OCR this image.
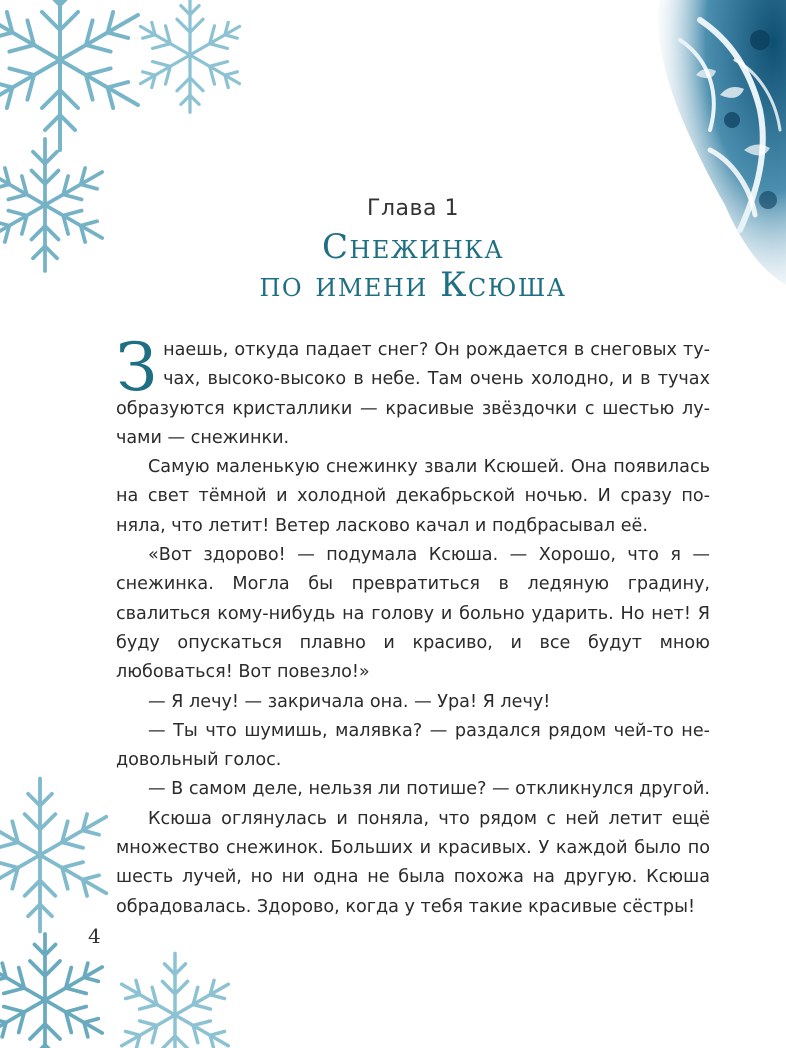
Глава 1
Снежинка
по имени Ксюша

Знаешь, откуда падает снег? Он рождается в снеговых тучах, высоко-высоко в небе. Там очень холодно, и в тучах образуются кристаллики — красивые звёздочки с шестью лучами — снежинки.

Самую маленькую снежинку звали Ксюшей. Она появилась на свет тёмной и холодной декабрьской ночью. И сразу поняла, что летит! Ветер ласково качал и подбрасывал её.

«Вот здорово! — подумала Ксюша. — Хорошо, что я — снежинка. Могла бы превратиться в ледяную градину, свалиться кому-нибудь на голову и больно ударить. Но нет! Я буду опускаться плавно и красиво, и все будут мною любоваться! Вот повезло!»

— Я лечу! — закричала она. — Ура! Я лечу!

— Ты что шумишь, малявка? — раздался рядом чей-то недовольный голос.

— В самом деле, нельзя ли потише? — откликнулся другой.

Ксюша оглянулась и поняла, что рядом с ней летит ещё множество снежинок. Больших и красивых. У каждой было по шесть лучей, но ни одна не была похожа на другую. Ксюша обрадовалась. Здорово, когда у тебя такие красивые сёстры!

4
